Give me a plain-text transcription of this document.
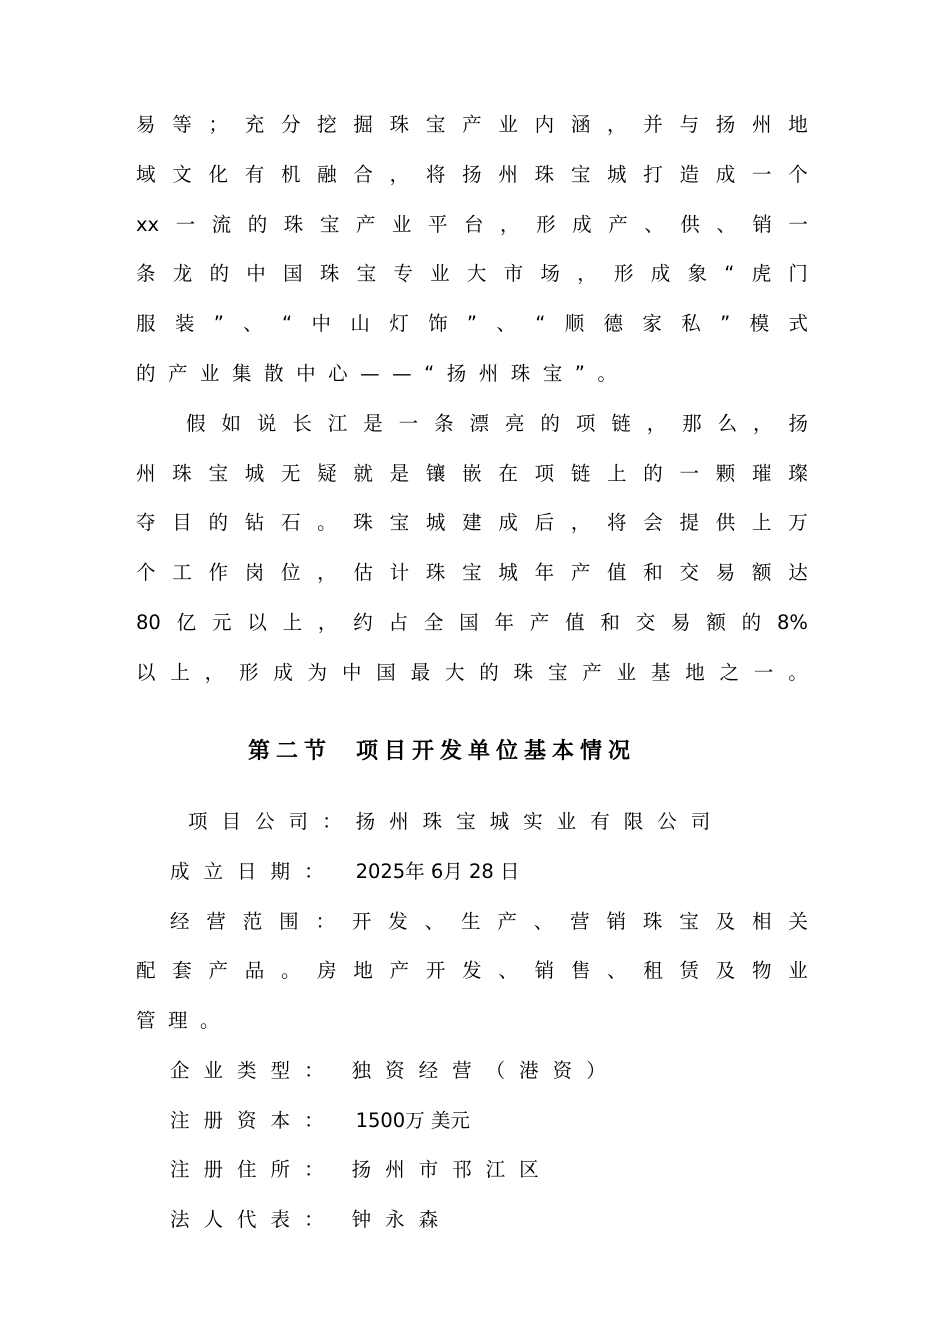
易 等 ； 充 分 挖 掘 珠 宝 产 业 内 涵 ， 并 与 扬 州 地
域 文 化 有 机 融 合 ， 将 扬 州 珠 宝 城 打 造 成 一 个
xx 一 流 的 珠 宝 产 业 平 台 ， 形 成 产 、 供 、 销 一
条 龙 的 中 国 珠 宝 专 业 大 市 场 ， 形 成 象 “ 虎 门
服 装 ” 、 “ 中 山 灯 饰 ” 、 “ 顺 德 家 私 ” 模 式
的 产 业 集 散 中 心 — — “ 扬 州 珠 宝 ” 。
假 如 说 长 江 是 一 条 漂 亮 的 项 链 ， 那 么 ， 扬
州 珠 宝 城 无 疑 就 是 镶 嵌 在 项 链 上 的 一 颗 璀 璨
夺 目 的 钻 石 。 珠 宝 城 建 成 后 ， 将 会 提 供 上 万
个 工 作 岗 位 ， 估 计 珠 宝 城 年 产 值 和 交 易 额 达
80 亿 元 以 上 ， 约 占 全 国 年 产 值 和 交 易 额 的 8%
以 上 ， 形 成 为 中 国 最 大 的 珠 宝 产 业 基 地 之 一 。
第二节 项目开发单位基本情况
项 目 公 司 ： 扬 州 珠 宝 城 实 业 有 限 公 司
成 立 日 期 ： 2025年 6月 28 日
经 营 范 围 ： 开 发 、 生 产 、 营 销 珠 宝 及 相 关
配 套 产 品 。 房 地 产 开 发 、 销 售 、 租 赁 及 物 业
管 理 。
企 业 类 型 ： 独 资 经 营 （ 港 资 ）
注 册 资 本 ： 1500万 美元
注 册 住 所 ： 扬 州 市 邗 江 区
法 人 代 表 ： 钟 永 森
